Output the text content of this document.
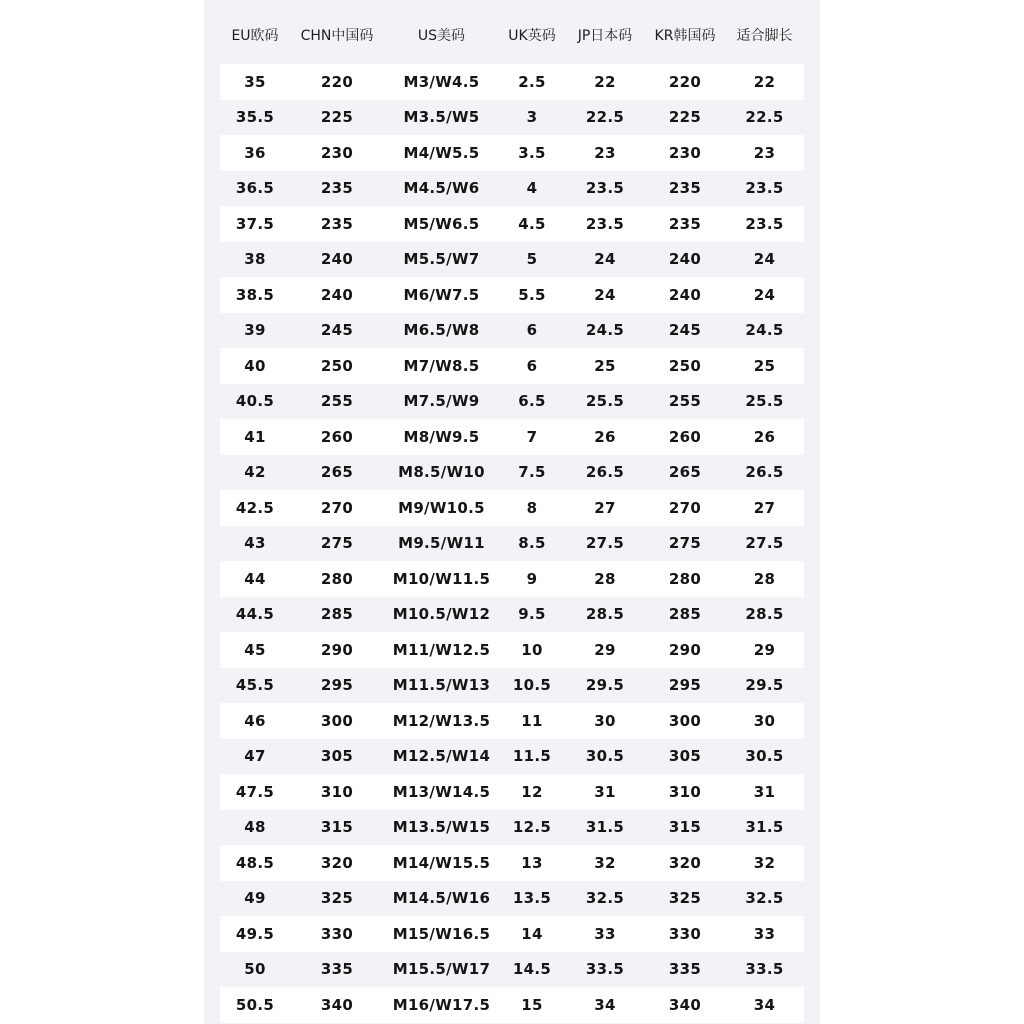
EU欧码	CHN中国码	US美码	UK英码	JP日本码	KR韩国码	适合脚长
35	220	M3/W4.5	2.5	22	220	22
35.5	225	M3.5/W5	3	22.5	225	22.5
36	230	M4/W5.5	3.5	23	230	23
36.5	235	M4.5/W6	4	23.5	235	23.5
37.5	235	M5/W6.5	4.5	23.5	235	23.5
38	240	M5.5/W7	5	24	240	24
38.5	240	M6/W7.5	5.5	24	240	24
39	245	M6.5/W8	6	24.5	245	24.5
40	250	M7/W8.5	6	25	250	25
40.5	255	M7.5/W9	6.5	25.5	255	25.5
41	260	M8/W9.5	7	26	260	26
42	265	M8.5/W10	7.5	26.5	265	26.5
42.5	270	M9/W10.5	8	27	270	27
43	275	M9.5/W11	8.5	27.5	275	27.5
44	280	M10/W11.5	9	28	280	28
44.5	285	M10.5/W12	9.5	28.5	285	28.5
45	290	M11/W12.5	10	29	290	29
45.5	295	M11.5/W13	10.5	29.5	295	29.5
46	300	M12/W13.5	11	30	300	30
47	305	M12.5/W14	11.5	30.5	305	30.5
47.5	310	M13/W14.5	12	31	310	31
48	315	M13.5/W15	12.5	31.5	315	31.5
48.5	320	M14/W15.5	13	32	320	32
49	325	M14.5/W16	13.5	32.5	325	32.5
49.5	330	M15/W16.5	14	33	330	33
50	335	M15.5/W17	14.5	33.5	335	33.5
50.5	340	M16/W17.5	15	34	340	34
